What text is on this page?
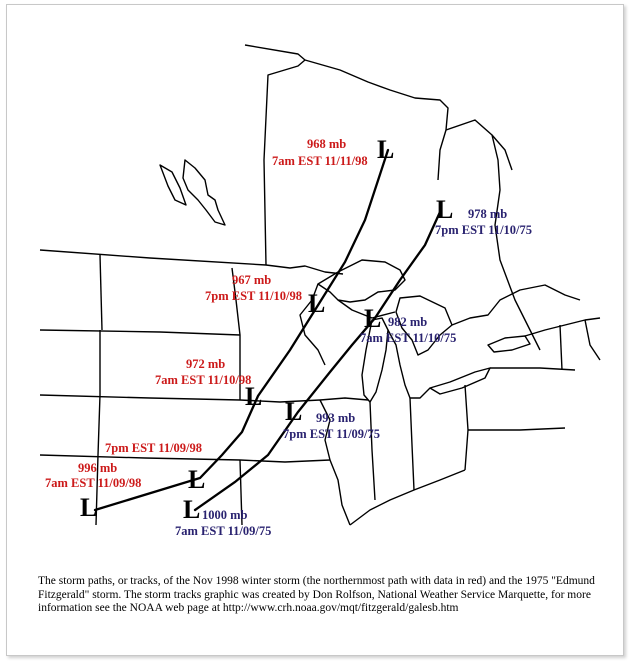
L
L
L
L
L
L
L
L
L
968 mb
7am EST 11/11/98
967 mb
7pm EST 11/10/98
972 mb
7am EST 11/10/98
7pm EST 11/09/98
996 mb
7am EST 11/09/98
978 mb
7pm EST 11/10/75
982 mb
7am EST 11/10/75
993 mb
7pm EST 11/09/75
1000 mb
7am EST 11/09/75

The storm paths, or tracks, of the Nov 1998 winter storm (the northernmost path with data in red) and the 1975 "Edmund Fitzgerald" storm. The storm tracks graphic was created by Don Rolfson, National Weather Service Marquette, for more information see the NOAA web page at http://www.crh.noaa.gov/mqt/fitzgerald/galesb.htm
